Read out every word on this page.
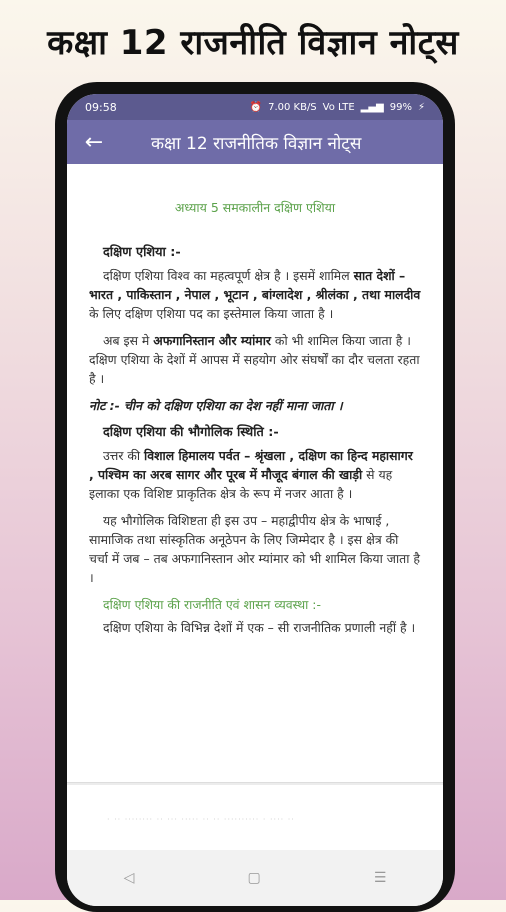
कक्षा 12 राजनीति विज्ञान नोट्स
09:58	⏰ 7.00 KB/S Vo LTE ▂▄▆ 99% ⚡
←	कक्षा 12 राजनीतिक विज्ञान नोट्स
अध्याय 5 समकालीन दक्षिण एशिया
दक्षिण एशिया :-

दक्षिण एशिया विश्व का महत्वपूर्ण क्षेत्र है । इसमें शामिल सात देशों – भारत , पाकिस्तान , नेपाल , भूटान , बांग्लादेश , श्रीलंका , तथा मालदीव के लिए दक्षिण एशिया पद का इस्तेमाल किया जाता है ।

अब इस मे अफगानिस्तान और म्यांमार को भी शामिल किया जाता है । दक्षिण एशिया के देशों में आपस में सहयोग ओर संघर्षों का दौर चलता रहता है ।

नोट :- चीन को दक्षिण एशिया का देश नहीं माना जाता ।
दक्षिण एशिया की भौगोलिक स्थिति :-

उत्तर की विशाल हिमालय पर्वत – श्रृंखला , दक्षिण का हिन्द महासागर , पश्चिम का अरब सागर और पूरब में मौजूद बंगाल की खाड़ी से यह इलाका एक विशिष्ट प्राकृतिक क्षेत्र के रूप में नजर आता है ।

यह भौगोलिक विशिष्टता ही इस उप – महाद्वीपीय क्षेत्र के भाषाई , सामाजिक तथा सांस्कृतिक अनूठेपन के लिए जिम्मेदार है । इस क्षेत्र की चर्चा में जब – तब अफगानिस्तान ओर म्यांमार को भी शामिल किया जाता है ।

दक्षिण एशिया की राजनीति एवं शासन व्यवस्था :-

दक्षिण एशिया के विभिन्न देशों में एक – सी राजनीतिक प्रणाली नहीं है ।

· ·· ········ ·· ··· ····· ·· ·· ·········· · ···· ··
◁	▢	☰
